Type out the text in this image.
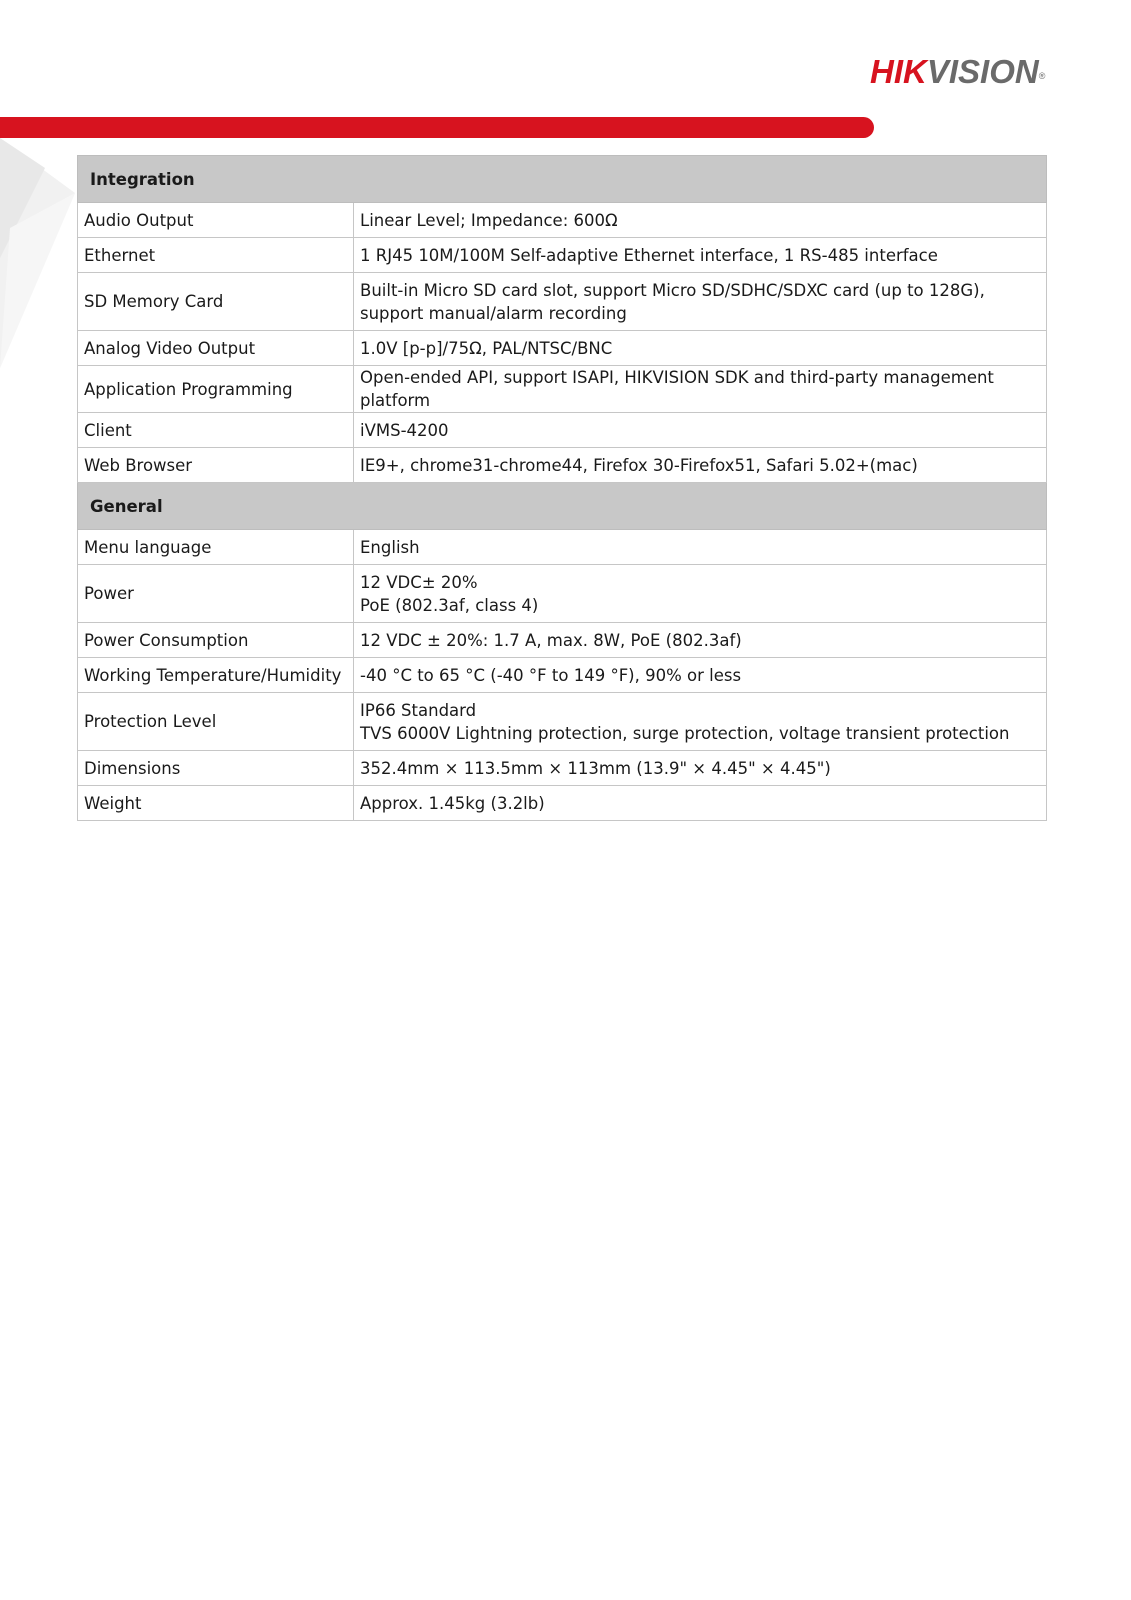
HIKVISION®
Integration	
Audio Output	Linear Level; Impedance: 600Ω

Ethernet	1 RJ45 10M/100M Self-adaptive Ethernet interface, 1 RS-485 interface

SD Memory Card	Built-in Micro SD card slot, support Micro SD/SDHC/SDXC card (up to 128G), support manual/alarm recording

Analog Video Output	1.0V [p-p]/75Ω, PAL/NTSC/BNC

Application Programming	Open-ended API, support ISAPI, HIKVISION SDK and third-party management platform

Client	iVMS-4200

Web Browser	IE9+, chrome31-chrome44, Firefox 30-Firefox51, Safari 5.02+(mac)

General	
Menu language	English

Power	12 VDC± 20%
PoE (802.3af, class 4)

Power Consumption	12 VDC ± 20%: 1.7 A, max. 8W, PoE (802.3af)

Working Temperature/Humidity	-40 °C to 65 °C (-40 °F to 149 °F), 90% or less

Protection Level	IP66 Standard
TVS 6000V Lightning protection, surge protection, voltage transient protection

Dimensions	352.4mm × 113.5mm × 113mm (13.9" × 4.45" × 4.45")

Weight	Approx. 1.45kg (3.2lb)
